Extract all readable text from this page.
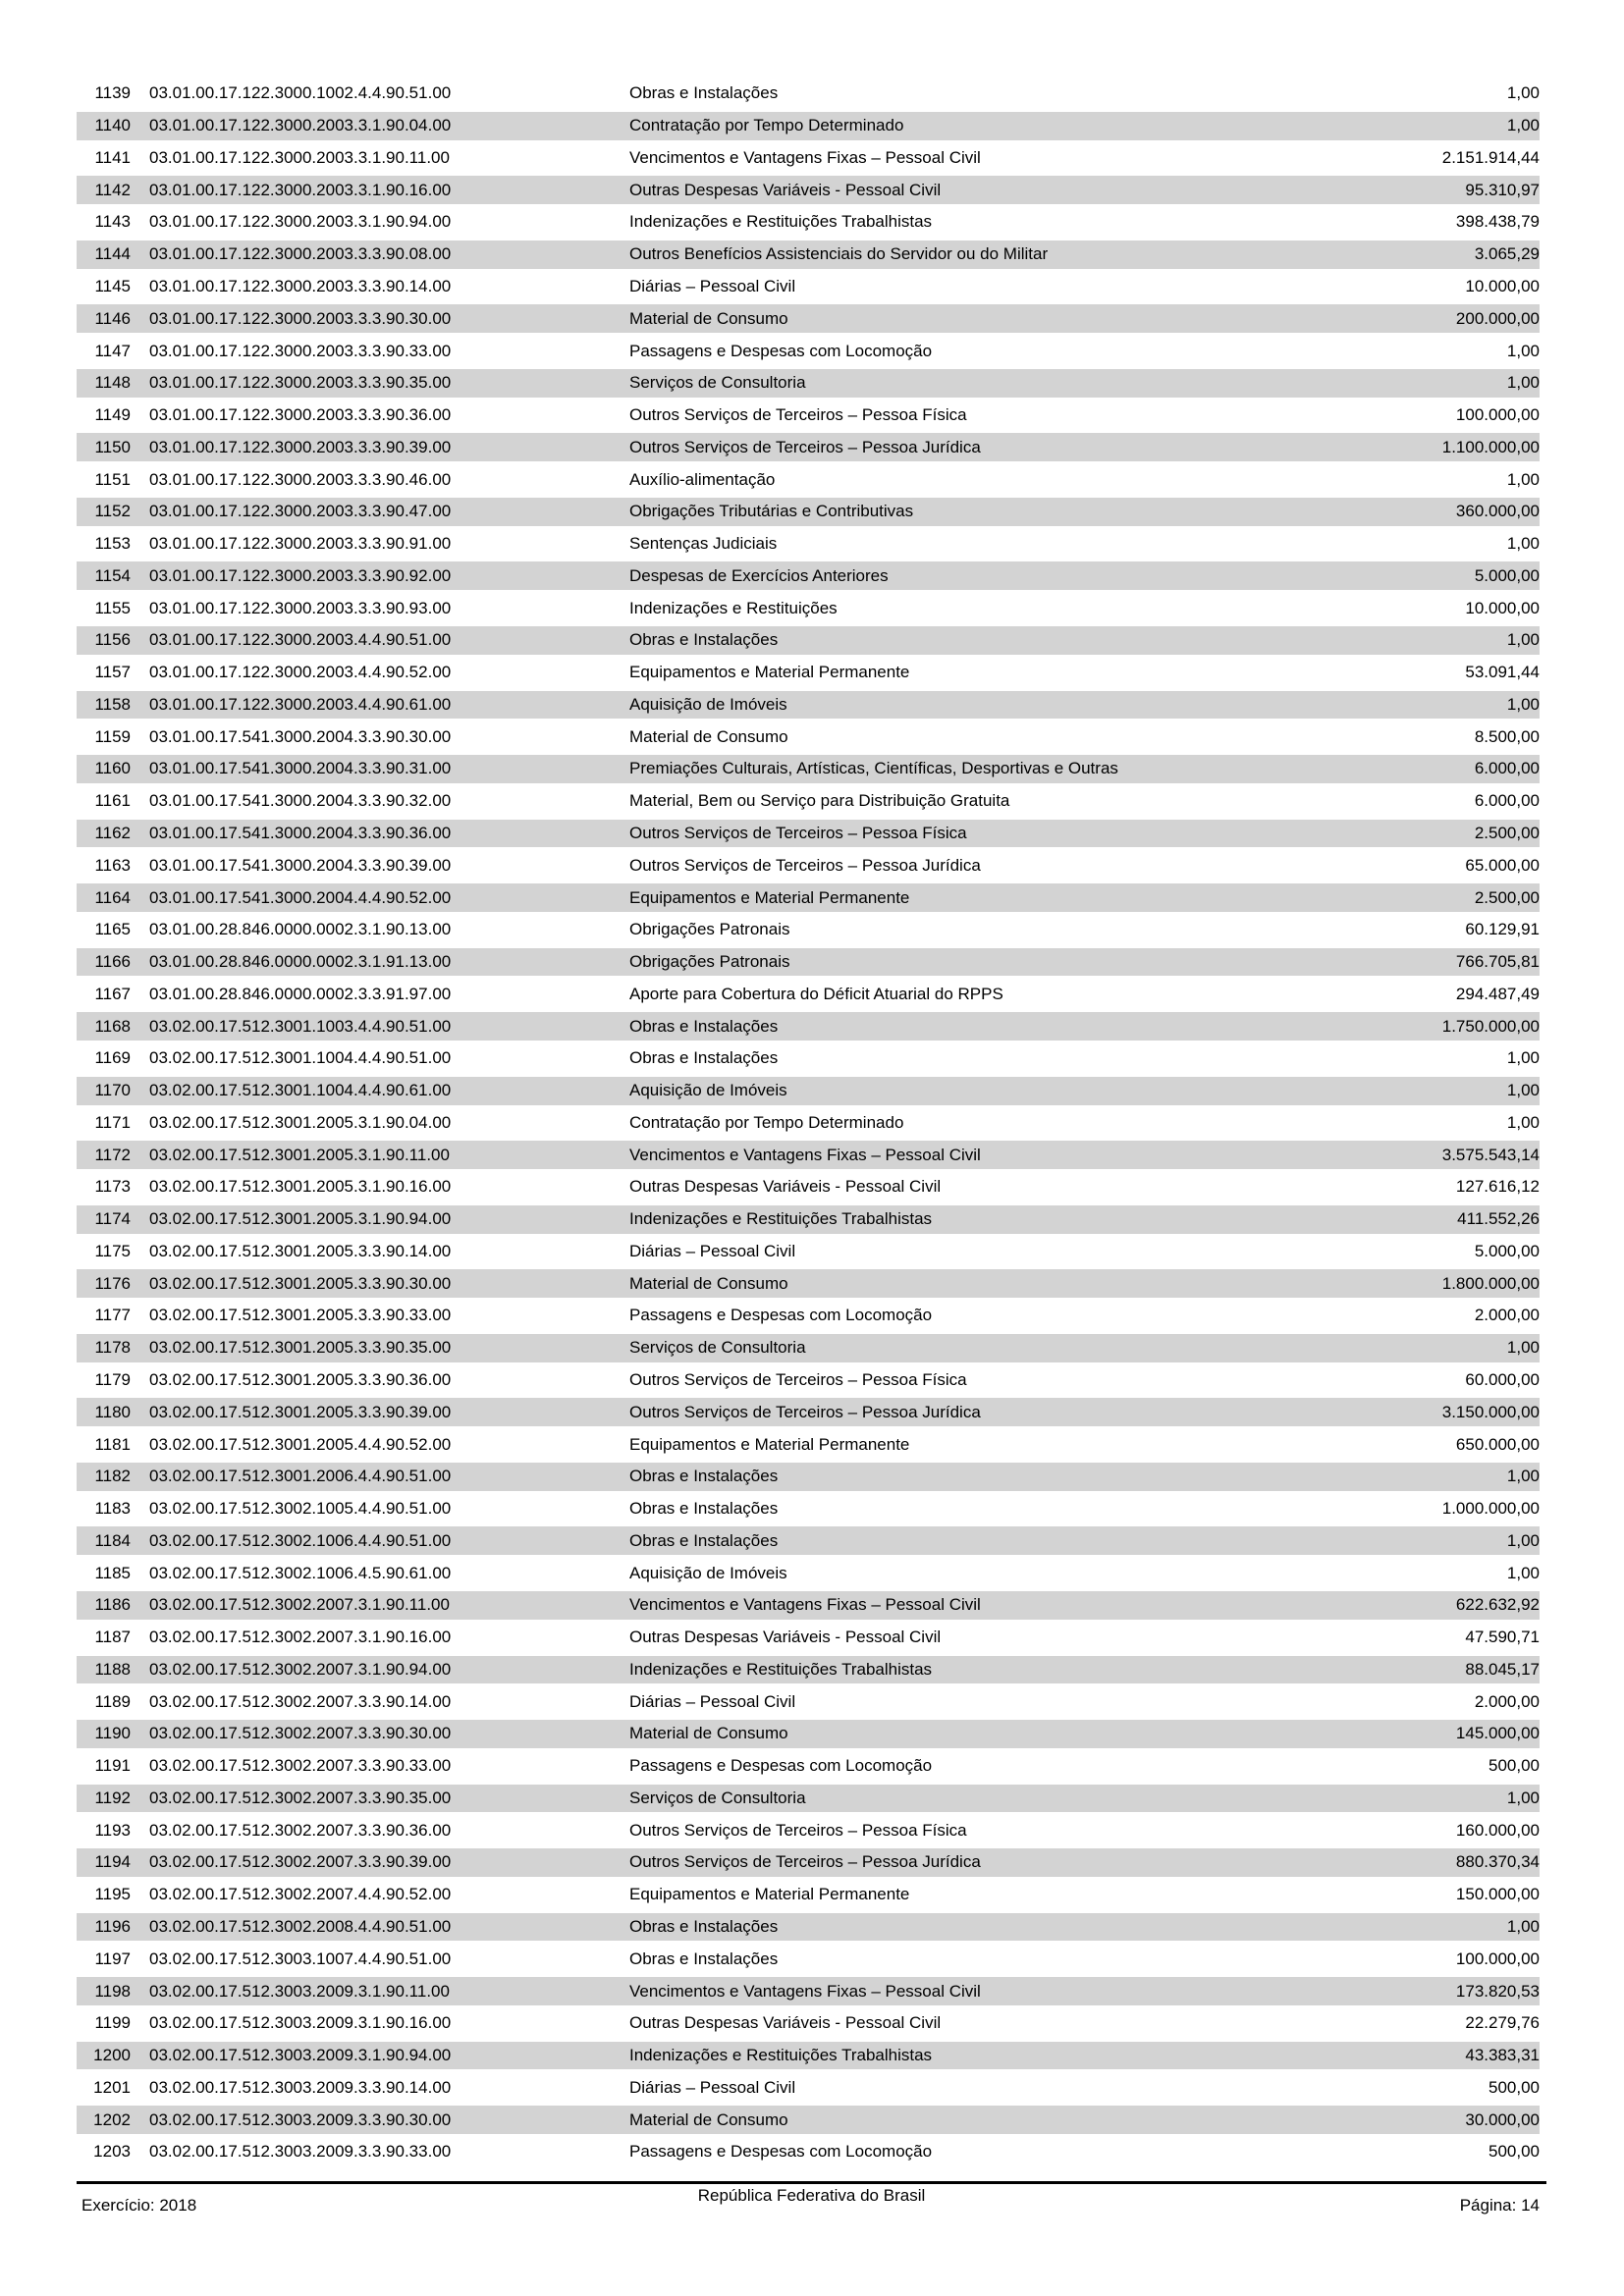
1139 03.01.00.17.122.3000.1002.4.4.90.51.00	Obras e Instalações	1,00
1140 03.01.00.17.122.3000.2003.3.1.90.04.00	Contratação por Tempo Determinado	1,00
1141 03.01.00.17.122.3000.2003.3.1.90.11.00	Vencimentos e Vantagens Fixas – Pessoal Civil	2.151.914,44
1142 03.01.00.17.122.3000.2003.3.1.90.16.00	Outras Despesas Variáveis - Pessoal Civil	95.310,97
1143 03.01.00.17.122.3000.2003.3.1.90.94.00	Indenizações e Restituições Trabalhistas	398.438,79
1144 03.01.00.17.122.3000.2003.3.3.90.08.00	Outros Benefícios Assistenciais do Servidor ou do Militar	3.065,29
1145 03.01.00.17.122.3000.2003.3.3.90.14.00	Diárias – Pessoal Civil	10.000,00
1146 03.01.00.17.122.3000.2003.3.3.90.30.00	Material de Consumo	200.000,00
1147 03.01.00.17.122.3000.2003.3.3.90.33.00	Passagens e Despesas com Locomoção	1,00
1148 03.01.00.17.122.3000.2003.3.3.90.35.00	Serviços de Consultoria	1,00
1149 03.01.00.17.122.3000.2003.3.3.90.36.00	Outros Serviços de Terceiros – Pessoa Física	100.000,00
1150 03.01.00.17.122.3000.2003.3.3.90.39.00	Outros Serviços de Terceiros – Pessoa Jurídica	1.100.000,00
1151 03.01.00.17.122.3000.2003.3.3.90.46.00	Auxílio-alimentação	1,00
1152 03.01.00.17.122.3000.2003.3.3.90.47.00	Obrigações Tributárias e Contributivas	360.000,00
1153 03.01.00.17.122.3000.2003.3.3.90.91.00	Sentenças Judiciais	1,00
1154 03.01.00.17.122.3000.2003.3.3.90.92.00	Despesas de Exercícios Anteriores	5.000,00
1155 03.01.00.17.122.3000.2003.3.3.90.93.00	Indenizações e Restituições	10.000,00
1156 03.01.00.17.122.3000.2003.4.4.90.51.00	Obras e Instalações	1,00
1157 03.01.00.17.122.3000.2003.4.4.90.52.00	Equipamentos e Material Permanente	53.091,44
1158 03.01.00.17.122.3000.2003.4.4.90.61.00	Aquisição de Imóveis	1,00
1159 03.01.00.17.541.3000.2004.3.3.90.30.00	Material de Consumo	8.500,00
1160 03.01.00.17.541.3000.2004.3.3.90.31.00	Premiações Culturais, Artísticas, Científicas, Desportivas e Outras	6.000,00
1161 03.01.00.17.541.3000.2004.3.3.90.32.00	Material, Bem ou Serviço para Distribuição Gratuita	6.000,00
1162 03.01.00.17.541.3000.2004.3.3.90.36.00	Outros Serviços de Terceiros – Pessoa Física	2.500,00
1163 03.01.00.17.541.3000.2004.3.3.90.39.00	Outros Serviços de Terceiros – Pessoa Jurídica	65.000,00
1164 03.01.00.17.541.3000.2004.4.4.90.52.00	Equipamentos e Material Permanente	2.500,00
1165 03.01.00.28.846.0000.0002.3.1.90.13.00	Obrigações Patronais	60.129,91
1166 03.01.00.28.846.0000.0002.3.1.91.13.00	Obrigações Patronais	766.705,81
1167 03.01.00.28.846.0000.0002.3.3.91.97.00	Aporte para Cobertura do Déficit Atuarial do RPPS	294.487,49
1168 03.02.00.17.512.3001.1003.4.4.90.51.00	Obras e Instalações	1.750.000,00
1169 03.02.00.17.512.3001.1004.4.4.90.51.00	Obras e Instalações	1,00
1170 03.02.00.17.512.3001.1004.4.4.90.61.00	Aquisição de Imóveis	1,00
1171 03.02.00.17.512.3001.2005.3.1.90.04.00	Contratação por Tempo Determinado	1,00
1172 03.02.00.17.512.3001.2005.3.1.90.11.00	Vencimentos e Vantagens Fixas – Pessoal Civil	3.575.543,14
1173 03.02.00.17.512.3001.2005.3.1.90.16.00	Outras Despesas Variáveis - Pessoal Civil	127.616,12
1174 03.02.00.17.512.3001.2005.3.1.90.94.00	Indenizações e Restituições Trabalhistas	411.552,26
1175 03.02.00.17.512.3001.2005.3.3.90.14.00	Diárias – Pessoal Civil	5.000,00
1176 03.02.00.17.512.3001.2005.3.3.90.30.00	Material de Consumo	1.800.000,00
1177 03.02.00.17.512.3001.2005.3.3.90.33.00	Passagens e Despesas com Locomoção	2.000,00
1178 03.02.00.17.512.3001.2005.3.3.90.35.00	Serviços de Consultoria	1,00
1179 03.02.00.17.512.3001.2005.3.3.90.36.00	Outros Serviços de Terceiros – Pessoa Física	60.000,00
1180 03.02.00.17.512.3001.2005.3.3.90.39.00	Outros Serviços de Terceiros – Pessoa Jurídica	3.150.000,00
1181 03.02.00.17.512.3001.2005.4.4.90.52.00	Equipamentos e Material Permanente	650.000,00
1182 03.02.00.17.512.3001.2006.4.4.90.51.00	Obras e Instalações	1,00
1183 03.02.00.17.512.3002.1005.4.4.90.51.00	Obras e Instalações	1.000.000,00
1184 03.02.00.17.512.3002.1006.4.4.90.51.00	Obras e Instalações	1,00
1185 03.02.00.17.512.3002.1006.4.5.90.61.00	Aquisição de Imóveis	1,00
1186 03.02.00.17.512.3002.2007.3.1.90.11.00	Vencimentos e Vantagens Fixas – Pessoal Civil	622.632,92
1187 03.02.00.17.512.3002.2007.3.1.90.16.00	Outras Despesas Variáveis - Pessoal Civil	47.590,71
1188 03.02.00.17.512.3002.2007.3.1.90.94.00	Indenizações e Restituições Trabalhistas	88.045,17
1189 03.02.00.17.512.3002.2007.3.3.90.14.00	Diárias – Pessoal Civil	2.000,00
1190 03.02.00.17.512.3002.2007.3.3.90.30.00	Material de Consumo	145.000,00
1191 03.02.00.17.512.3002.2007.3.3.90.33.00	Passagens e Despesas com Locomoção	500,00
1192 03.02.00.17.512.3002.2007.3.3.90.35.00	Serviços de Consultoria	1,00
1193 03.02.00.17.512.3002.2007.3.3.90.36.00	Outros Serviços de Terceiros – Pessoa Física	160.000,00
1194 03.02.00.17.512.3002.2007.3.3.90.39.00	Outros Serviços de Terceiros – Pessoa Jurídica	880.370,34
1195 03.02.00.17.512.3002.2007.4.4.90.52.00	Equipamentos e Material Permanente	150.000,00
1196 03.02.00.17.512.3002.2008.4.4.90.51.00	Obras e Instalações	1,00
1197 03.02.00.17.512.3003.1007.4.4.90.51.00	Obras e Instalações	100.000,00
1198 03.02.00.17.512.3003.2009.3.1.90.11.00	Vencimentos e Vantagens Fixas – Pessoal Civil	173.820,53
1199 03.02.00.17.512.3003.2009.3.1.90.16.00	Outras Despesas Variáveis - Pessoal Civil	22.279,76
1200 03.02.00.17.512.3003.2009.3.1.90.94.00	Indenizações e Restituições Trabalhistas	43.383,31
1201 03.02.00.17.512.3003.2009.3.3.90.14.00	Diárias – Pessoal Civil	500,00
1202 03.02.00.17.512.3003.2009.3.3.90.30.00	Material de Consumo	30.000,00
1203 03.02.00.17.512.3003.2009.3.3.90.33.00	Passagens e Despesas com Locomoção	500,00
Exercício: 2018
República Federativa do Brasil
Página: 14
